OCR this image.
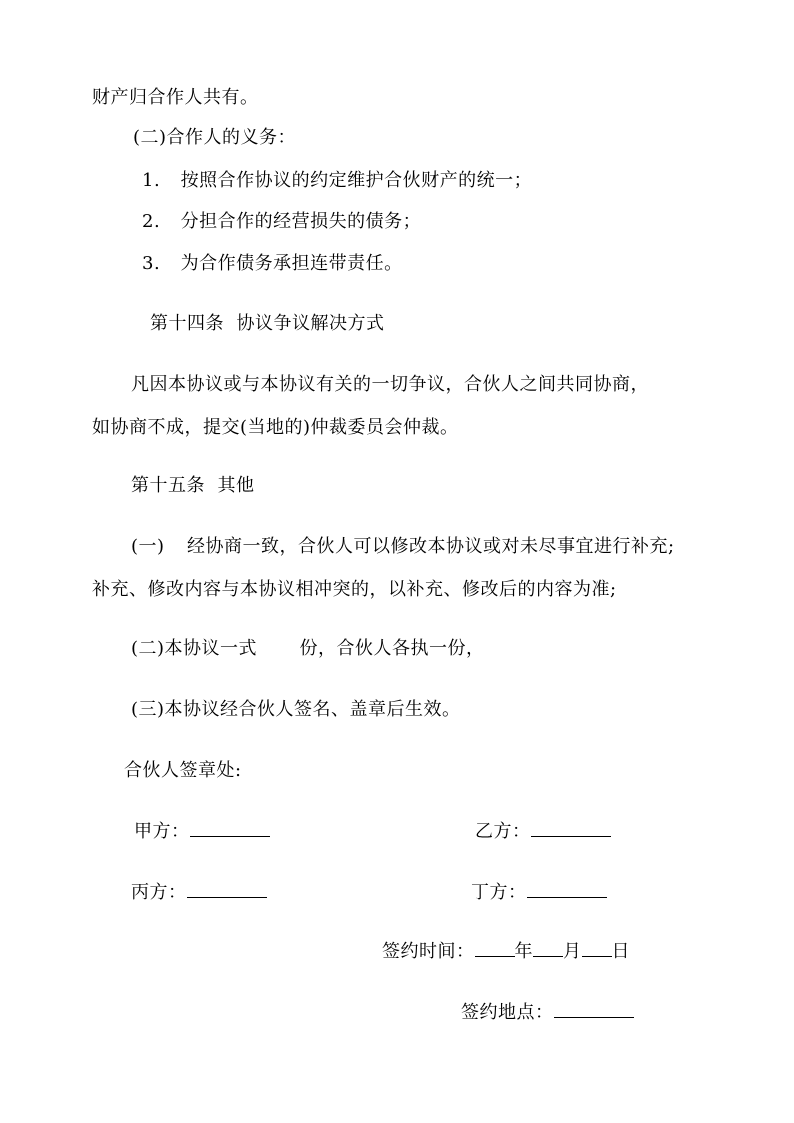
财产归合作人共有。
(二)合作人的义务：
1. 按照合作协议的约定维护合伙财产的统一；
2. 分担合作的经营损失的债务；
3. 为合作债务承担连带责任。
第十四条  协议争议解决方式
凡因本协议或与本协议有关的一切争议，合伙人之间共同协商，
如协商不成，提交(当地的)仲裁委员会仲裁。
第十五条  其他
(一) 经协商一致，合伙人可以修改本协议或对未尽事宜进行补充;
补充、修改内容与本协议相冲突的，以补充、修改后的内容为准;
(二)本协议一式 份，合伙人各执一份，
(三)本协议经合伙人签名、盖章后生效。
合伙人签章处:
甲方：	乙方：
丙方：	丁方：
签约时间： 年 月 日
签约地点：
